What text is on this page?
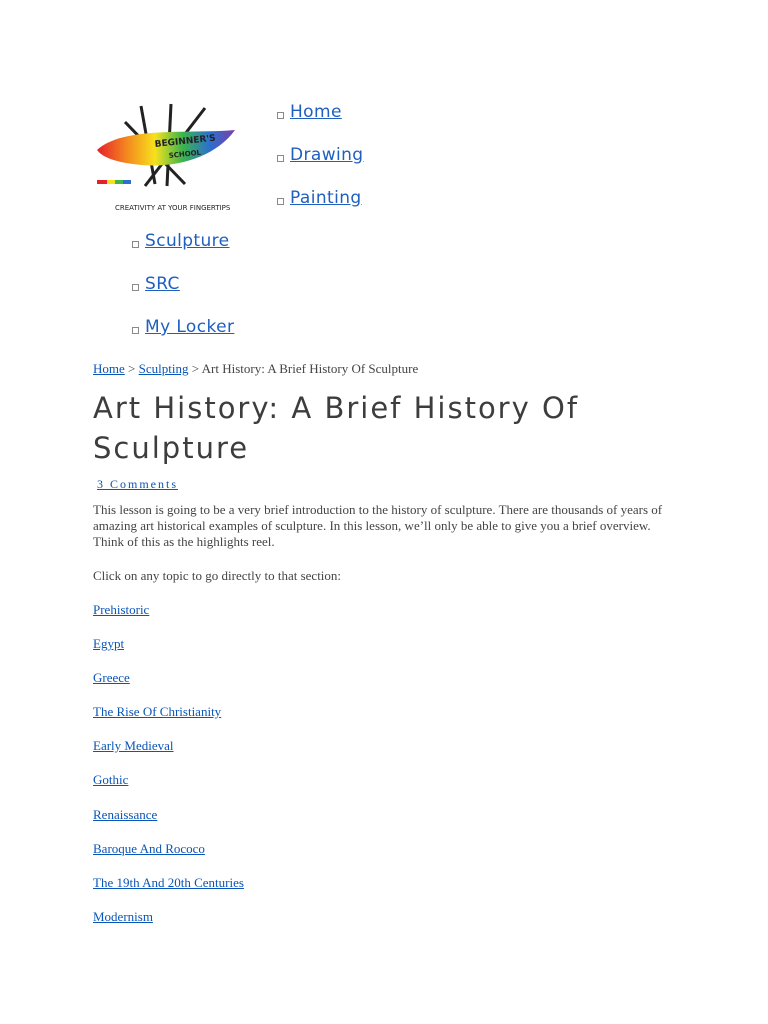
BEGINNER'S
SCHOOL
CREATIVITY AT YOUR FINGERTIPS
Home
Drawing
Painting
Sculpture
SRC
My Locker
Home > Sculpting > Art History: A Brief History Of Sculpture
Art History: A Brief History Of Sculpture
3 Comments

This lesson is going to be a very brief introduction to the history of sculpture. There are thousands of years of amazing art historical examples of sculpture. In this lesson, we’ll only be able to give you a brief overview. Think of this as the highlights reel.

Click on any topic to go directly to that section:

Prehistoric
Egypt
Greece
The Rise Of Christianity
Early Medieval
Gothic
Renaissance
Baroque And Rococo
The 19th And 20th Centuries
Modernism
